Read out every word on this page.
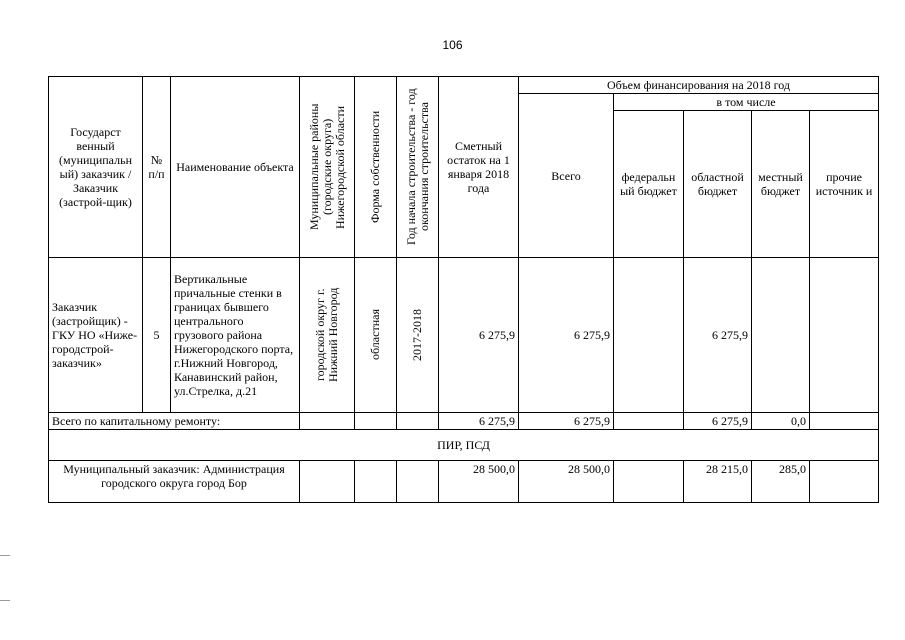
106
Государст венный (муниципальн ый) заказчик / Заказчик (застрой-щик)	№ п/п	Наименование объекта	Муниципальные районы (городские округа) Нижегородской области	Форма собственности	Год начала строительства - год окончания строительства	Сметный остаток на 1 января 2018 года	Объем финансирования на 2018 год				
							Всего	в том числе			
								федеральн ый бюджет	областной бюджет	местный бюджет	прочие источник и
Заказчик (застройщик) - ГКУ НО «Ниже-городстрой-заказчик»	5	Вертикальные причальные стенки в границах бывшего центрального грузового района Нижегородского порта, г.Нижний Новгород, Канавинский район, ул.Стрелка, д.21	городской округ г. Нижний Новгород	областная	2017-2018	6 275,9	6 275,9		6 275,9		
Всего по капитальному ремонту:						6 275,9	6 275,9		6 275,9	0,0	
ПИР, ПСД											
Муниципальный заказчик: Администрация городского округа город Бор						28 500,0	28 500,0		28 215,0	285,0	
